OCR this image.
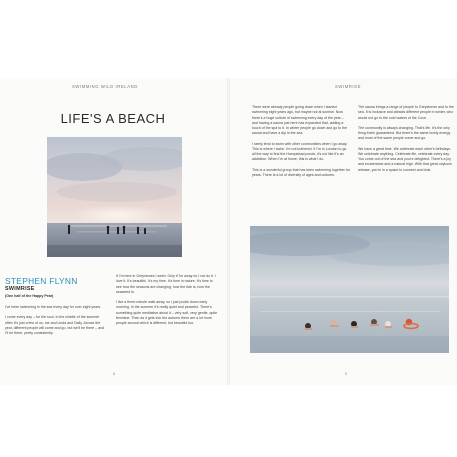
SWIMMING WILD IRELAND
LIFE'S A BEACH
STEPHEN FLYNN
SWIMRISE
(One half of the Happy Pear)

I've been swimming in the sea every day for over eight years.

I come every day – for the soul. In the middle of the summer often it's just a few of us, me and Linda and Dally. Across the year, different people will come and go, but we'll be there – and I'll be there, pretty consistently.

If I'm here in Greystones I swim. Only if I'm away do I not do it. I love it. It's beautiful. It's my time. It's time in nature. It's time to see how the seasons are changing, how the tide is, how the seaweed is.

I live a three-minute walk away, so I just pootle down early morning. In the summer it's really quiet and peaceful. There's something quite meditative about it – very soft, very gentle, quite feminine. Then as it gets into the autumn there are a lot more people around which is different, but beautiful too.

8
SWIMRISE

There were already people going down when I started swimming eight years ago, but maybe not at sunrise. Now there's a huge culture of swimming every day of the year – and having a sauna just here has expanded that, adding a touch of the spa to it. In winter people go down and go to the sauna and have a dip in the sea.

I rarely tend to swim with other communities when I go away. This is where I swim. I'm not bothered. If I'm in London to go all the way to find the Hampstead ponds, it's not like it's an addiction. When I'm at home, this is what I do.

This is a wonderful group that has been swimming together for years. There is a lot of diversity of ages and cultures.

The sauna brings a range of people to Greystones and to the sea. It is inclusive and attracts different people in winter, who would not go to the cold waters of the Cove.

The community is always changing. That's life. It's the only thing that's guaranteed. But there's the same lovely energy and most of the same people come and go.

We have a great time. We celebrate each other's birthdays. We celebrate anything. Celebrate life, celebrate every day. You come out of the sea and you're delighted. There's a joy and exuberance and a natural high. With that great oxytocin release, you're in a space to connect and chat.

9
